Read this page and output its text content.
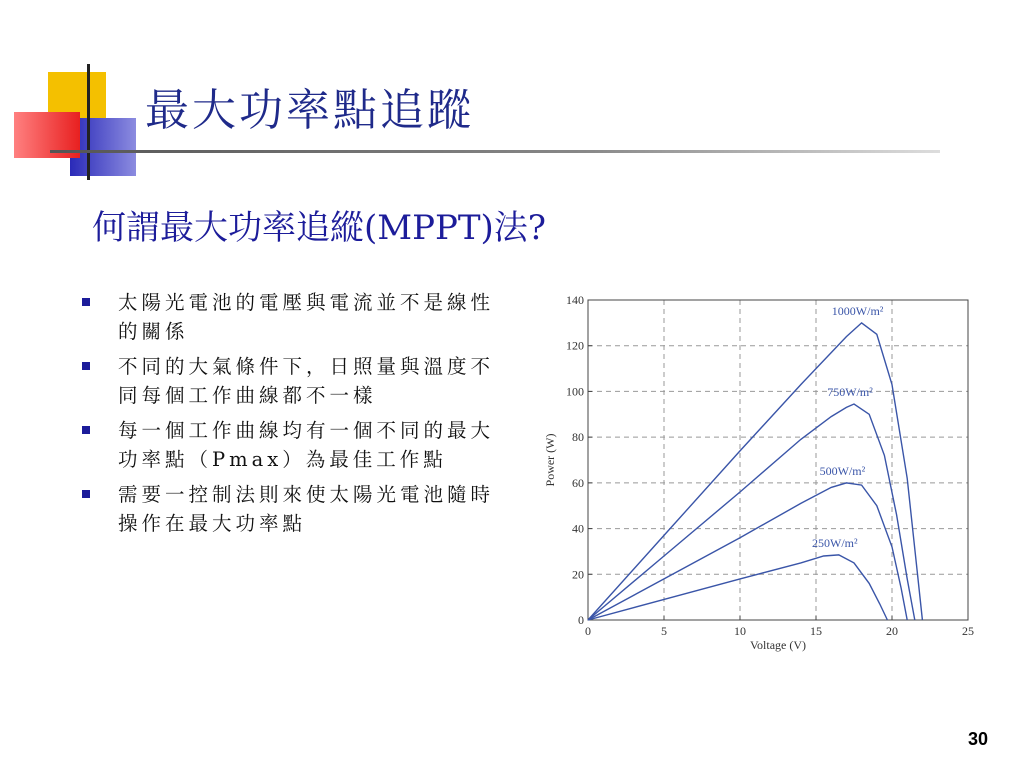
最大功率點追蹤
何謂最大功率追縱(MPPT)法?
太陽光電池的電壓與電流並不是線性的關係
不同的大氣條件下，日照量與溫度不同每個工作曲線都不一樣
每一個工作曲線均有一個不同的最大功率點（Pmax）為最佳工作點
需要一控制法則來使太陽光電池隨時操作在最大功率點
0	5	10	15	20	25
0
20
40
60
80
100
120
140
Voltage (V)
Power (W)
1000W/m²
750W/m²
500W/m²
250W/m²
30
